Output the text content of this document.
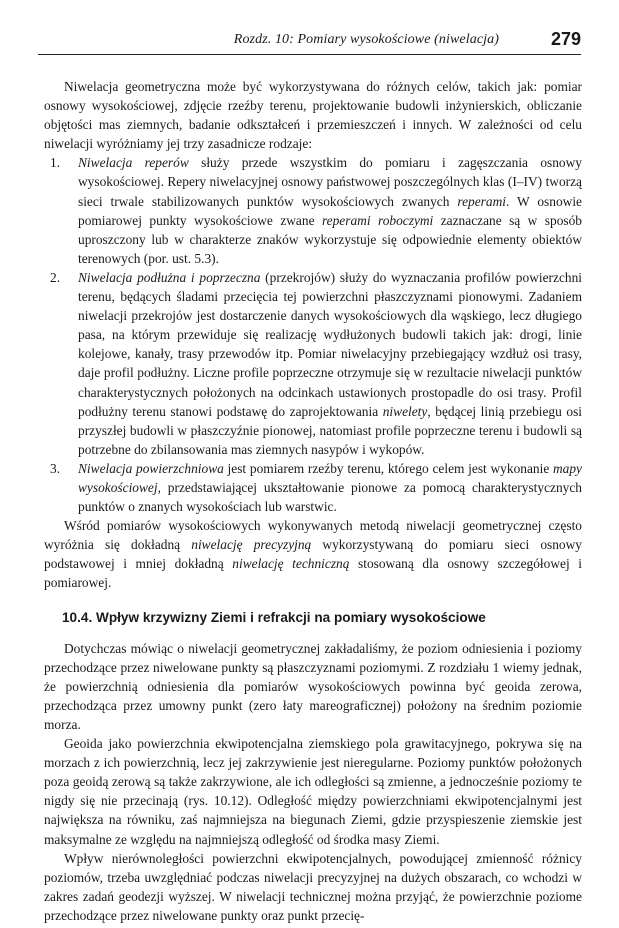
Rozdz. 10: Pomiary wysokościowe (niwelacja)	279

Niwelacja geometryczna może być wykorzystywana do różnych celów, takich jak: pomiar osnowy wysokościowej, zdjęcie rzeźby terenu, projektowanie budowli inżynierskich, obliczanie objętości mas ziemnych, badanie odkształceń i przemieszczeń i innych. W zależności od celu niwelacji wyróżniamy jej trzy zasadnicze rodzaje:

1. Niwelacja reperów służy przede wszystkim do pomiaru i zagęszczania osnowy wysokościowej. Repery niwelacyjnej osnowy państwowej poszczególnych klas (I–IV) tworzą sieci trwale stabilizowanych punktów wysokościowych zwanych reperami. W osnowie pomiarowej punkty wysokościowe zwane reperami roboczymi zaznaczane są w sposób uproszczony lub w charakterze znaków wykorzystuje się odpowiednie elementy obiektów terenowych (por. ust. 5.3).
2. Niwelacja podłużna i poprzeczna (przekrojów) służy do wyznaczania profilów powierzchni terenu, będących śladami przecięcia tej powierzchni płaszczyznami pionowymi. Zadaniem niwelacji przekrojów jest dostarczenie danych wysokościowych dla wąskiego, lecz długiego pasa, na którym przewiduje się realizację wydłużonych budowli takich jak: drogi, linie kolejowe, kanały, trasy przewodów itp. Pomiar niwelacyjny przebiegający wzdłuż osi trasy, daje profil podłużny. Liczne profile poprzeczne otrzymuje się w rezultacie niwelacji punktów charakterystycznych położonych na odcinkach ustawionych prostopadle do osi trasy. Profil podłużny terenu stanowi podstawę do zaprojektowania niwelety, będącej linią przebiegu osi przyszłej budowli w płaszczyźnie pionowej, natomiast profile poprzeczne terenu i budowli są potrzebne do zbilansowania mas ziemnych nasypów i wykopów.
3. Niwelacja powierzchniowa jest pomiarem rzeźby terenu, którego celem jest wykonanie mapy wysokościowej, przedstawiającej ukształtowanie pionowe za pomocą charakterystycznych punktów o znanych wysokościach lub warstwic.

Wśród pomiarów wysokościowych wykonywanych metodą niwelacji geometrycznej często wyróżnia się dokładną niwelację precyzyjną wykorzystywaną do pomiaru sieci osnowy podstawowej i mniej dokładną niwelację techniczną stosowaną dla osnowy szczegółowej i pomiarowej.

10.4. Wpływ krzywizny Ziemi i refrakcji na pomiary wysokościowe

Dotychczas mówiąc o niwelacji geometrycznej zakładaliśmy, że poziom odniesienia i poziomy przechodzące przez niwelowane punkty są płaszczyznami poziomymi. Z rozdziału 1 wiemy jednak, że powierzchnią odniesienia dla pomiarów wysokościowych powinna być geoida zerowa, przechodząca przez umowny punkt (zero łaty mareograficznej) położony na średnim poziomie morza.

Geoida jako powierzchnia ekwipotencjalna ziemskiego pola grawitacyjnego, pokrywa się na morzach z ich powierzchnią, lecz jej zakrzywienie jest nieregularne. Poziomy punktów położonych poza geoidą zerową są także zakrzywione, ale ich odległości są zmienne, a jednocześnie poziomy te nigdy się nie przecinają (rys. 10.12). Odległość między powierzchniami ekwipotencjalnymi jest największa na równiku, zaś najmniejsza na biegunach Ziemi, gdzie przyspieszenie ziemskie jest maksymalne ze względu na najmniejszą odległość od środka masy Ziemi.

Wpływ nierównoległości powierzchni ekwipotencjalnych, powodującej zmienność różnicy poziomów, trzeba uwzględniać podczas niwelacji precyzyjnej na dużych obszarach, co wchodzi w zakres zadań geodezji wyższej. W niwelacji technicznej można przyjąć, że powierzchnie poziome przechodzące przez niwelowane punkty oraz punkt przecię-
